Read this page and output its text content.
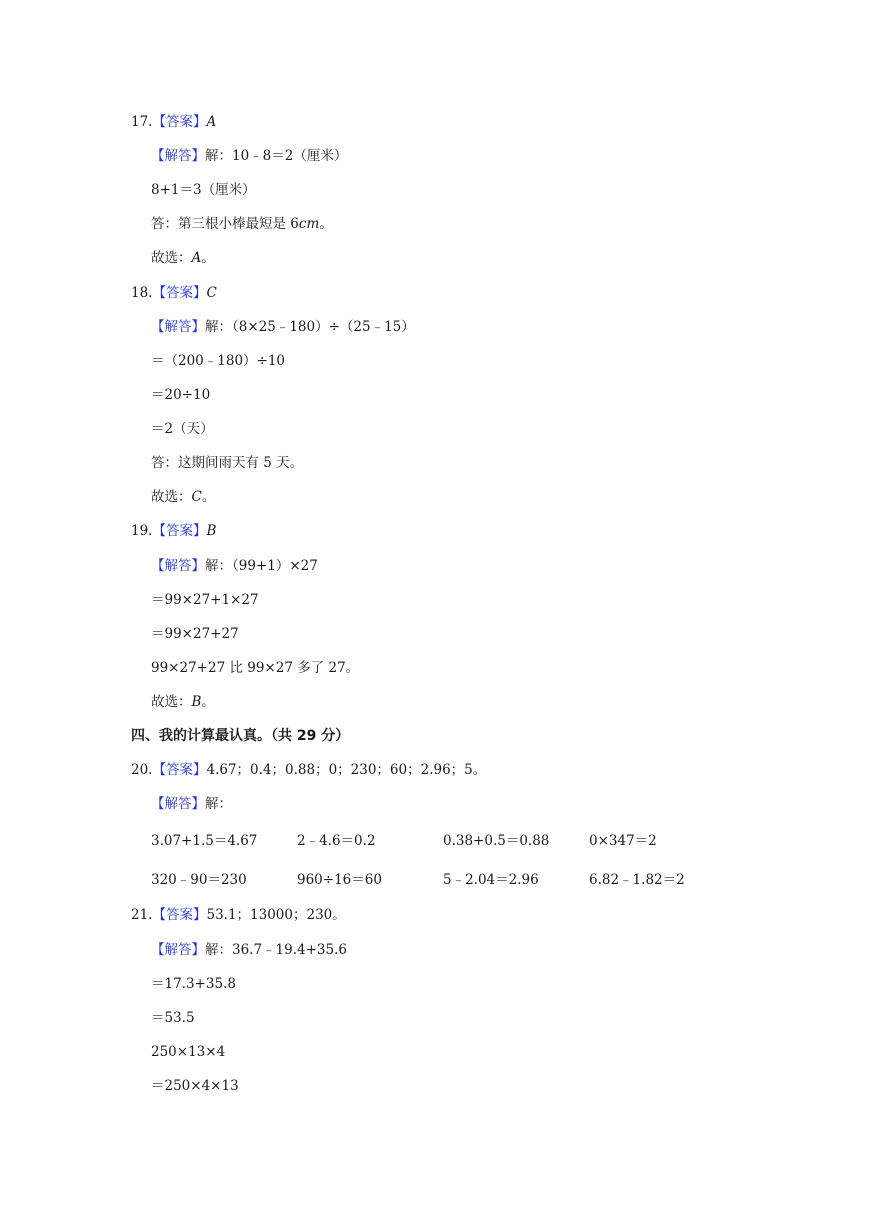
17.【答案】A
【解答】解：10﹣8＝2（厘米）
8+1＝3（厘米）
答：第三根小棒最短是 6cm。
故选：A。
18.【答案】C
【解答】解：（8×25﹣180）÷（25﹣15）
＝（200﹣180）÷10
＝20÷10
＝2（天）
答：这期间雨天有 5 天。
故选：C。
19.【答案】B
【解答】解：（99+1）×27
＝99×27+1×27
＝99×27+27
99×27+27 比 99×27 多了 27。
故选：B。
四、我的计算最认真。（共 29 分）
20.【答案】4.67；0.4；0.88；0；230；60；2.96；5。
【解答】解：
3.07+1.5＝4.67	2﹣4.6＝0.2	0.38+0.5＝0.88	0×347＝2
320﹣90＝230	960÷16＝60	5﹣2.04＝2.96	6.82﹣1.82＝2
21.【答案】53.1；13000；230。
【解答】解：36.7﹣19.4+35.6
＝17.3+35.8
＝53.5
250×13×4
＝250×4×13
